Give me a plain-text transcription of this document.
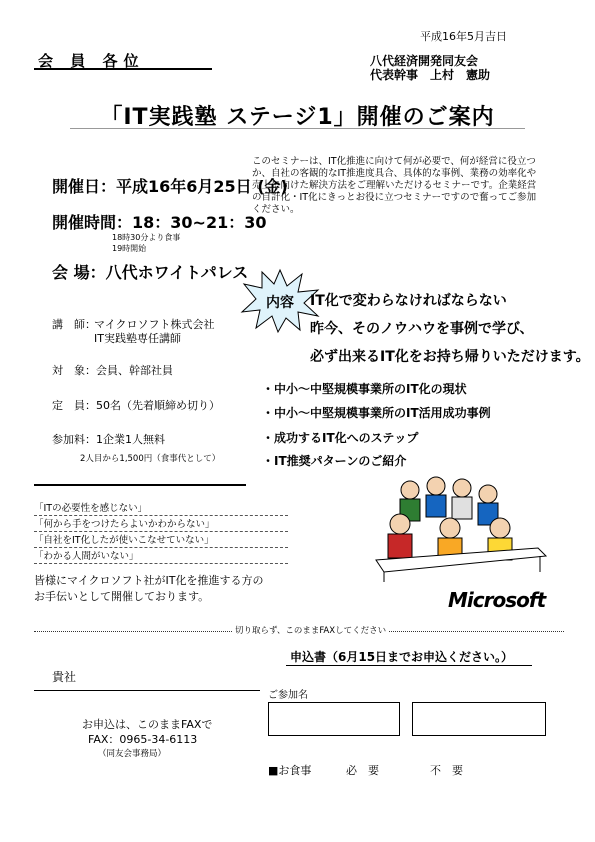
平成16年5月吉日
会 員 各位	八代経済開発同友会
代表幹事　上村　憲助
「IT実践塾 ステージ1」開催のご案内
開催日：平成16年6月25日 (金)
開催時間：18：30~21：30
18時30分より食事
19時開始
会 場：八代ホワイトパレス
このセミナーは、IT化推進に向けて何が必要で、何が経営に役立つか、自社の客観的なIT推進度具合、具体的な事例、業務の効率化や売上に向けた解決方法をご理解いただけるセミナーです。企業経営の自計化・IT化にきっとお役に立つセミナーですので奮ってご参加ください。
内容	IT化で変わらなければならない
昨今、そのノウハウを事例で学び、
必ず出来るIT化をお持ち帰りいただけます。
・中小～中堅規模事業所のIT化の現状
・中小～中堅規模事業所のIT活用成功事例
・成功するIT化へのステップ
・IT推奨パターンのご紹介
講　師：
マイクロソフト株式会社
IT実践塾専任講師
対　象：会員、幹部社員
定　員：50名（先着順締め切り）
参加料：1企業1人無料
2人目から1,500円（食事代として）
「ITの必要性を感じない」
「何から手をつけたらよいかわからない」
「自社をIT化したが使いこなせていない」
「わかる人間がいない」
皆様にマイクロソフト社がIT化を推進する方の
お手伝いとして開催しております。	Microsoft
切り取らず、このままFAXしてください
申込書（6月15日までお申込ください。）
貴社
ご参加名
お申込は、このままFAXで
FAX：0965-34-6113
（同友会事務局）
■お食事	必　要	不　要
